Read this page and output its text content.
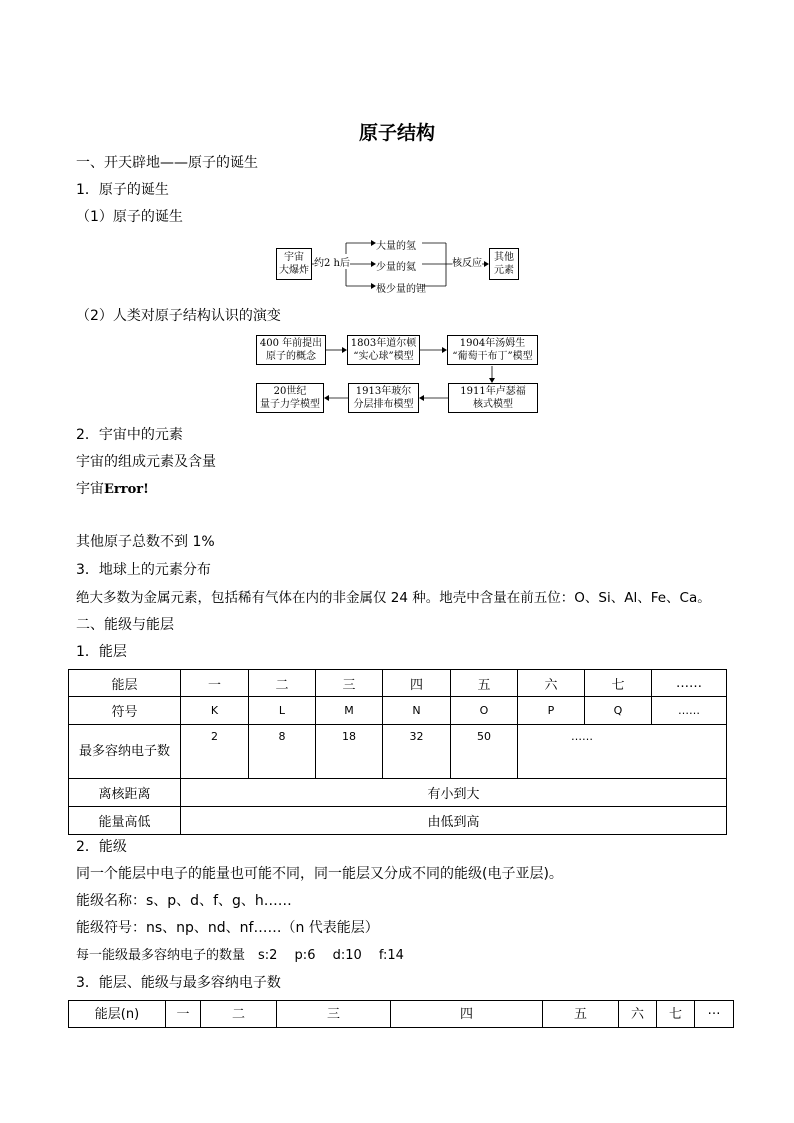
原子结构
一、开天辟地——原子的诞生
1．原子的诞生
（1）原子的诞生
宇宙
大爆炸
约2 h后
大量的氢
少量的氦
极少量的锂
核反应
其他
元素
（2）人类对原子结构认识的演变
400 年前提出
原子的概念
1803年道尔顿
“实心球”模型
1904年汤姆生
“葡萄干布丁”模型
1911年卢瑟福
核式模型
1913年玻尔
分层排布模型
20世纪
量子力学模型
2．宇宙中的元素
宇宙的组成元素及含量
宇宙Error!
其他原子总数不到 1%
3．地球上的元素分布
绝大多数为金属元素，包括稀有气体在内的非金属仅 24 种。地壳中含量在前五位：O、Si、Al、Fe、Ca。
二、能级与能层
1．能层
能层	一	二	三	四	五	六	七	……
符号	K	L	M	N	O	P	Q	……
最多容纳电子数	2	8	18	32	50	……		
离核距离	有小到大							
能量高低	由低到高							
2．能级
同一个能层中电子的能量也可能不同，同一能层又分成不同的能级(电子亚层)。
能级名称：s、p、d、f、g、h……
能级符号：ns、np、nd、nf……（n 代表能层）
每一能级最多容纳电子的数量　s:2　 p:6　 d:10　 f:14
3．能层、能级与最多容纳电子数
能层(n)	一	二	三	四	五	六	七	…
